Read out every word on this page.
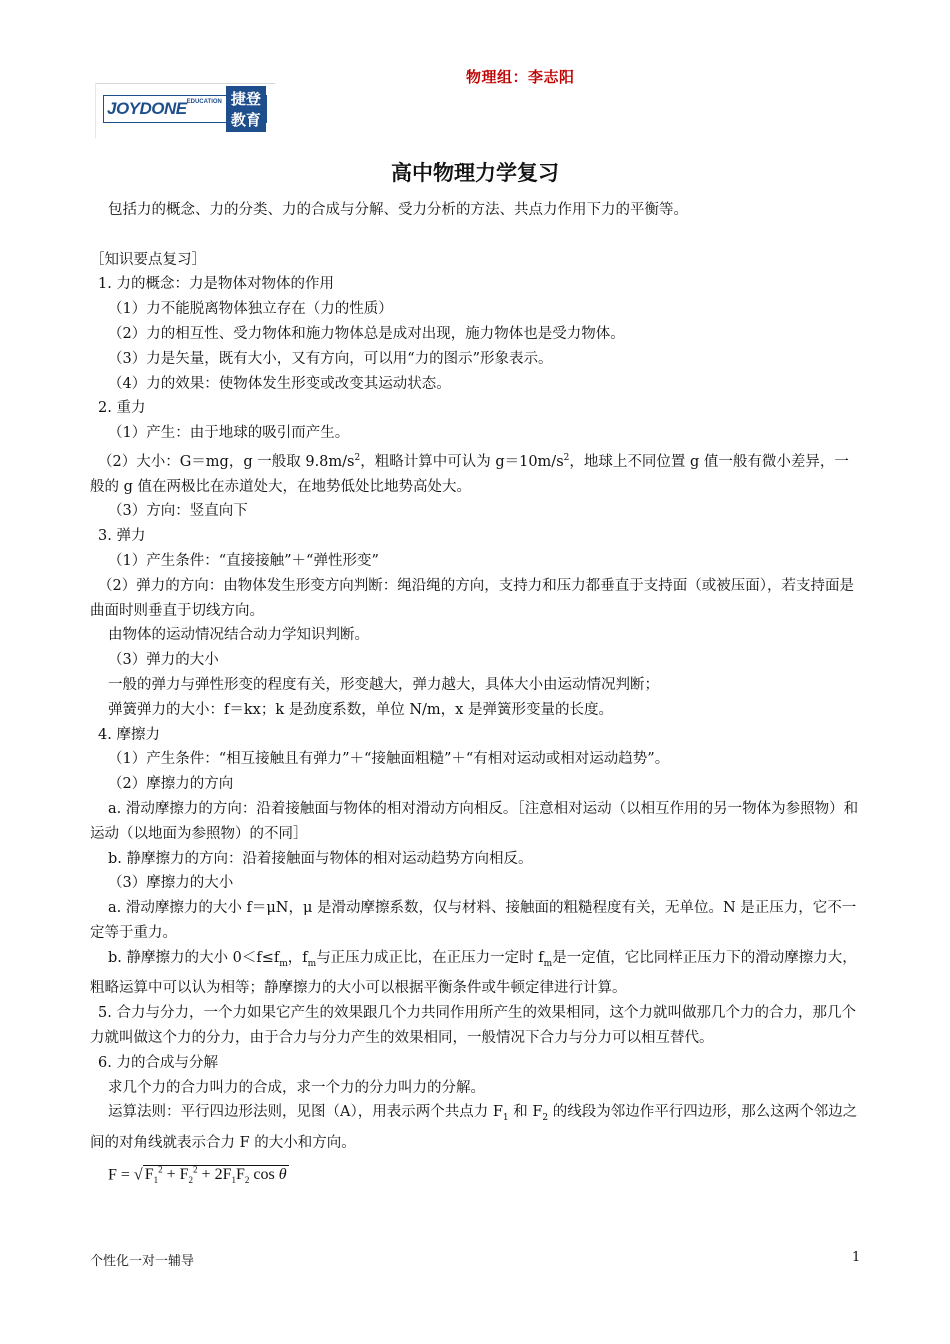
物理组：李志阳
$JOYDONE^{EDUCATION}$ 捷登教育
高中物理力学复习

包括力的概念、力的分类、力的合成与分解、受力分析的方法、共点力作用下力的平衡等。

［知识要点复习］

1. 力的概念：力是物体对物体的作用

（1）力不能脱离物体独立存在（力的性质）

（2）力的相互性、受力物体和施力物体总是成对出现，施力物体也是受力物体。

（3）力是矢量，既有大小，又有方向，可以用“力的图示”形象表示。

（4）力的效果：使物体发生形变或改变其运动状态。

2. 重力

（1）产生：由于地球的吸引而产生。

（2）大小：G＝mg，g 一般取 $9.8m/s^2$，粗略计算中可认为 $g=10m/s^2$，地球上不同位置 g 值一般有微小差异，一般的 g 值在两极比在赤道处大，在地势低处比地势高处大。

（3）方向：竖直向下

3. 弹力

（1）产生条件：“直接接触”＋“弹性形变”

（2）弹力的方向：由物体发生形变方向判断：绳沿绳的方向，支持力和压力都垂直于支持面（或被压面），若支持面是曲面时则垂直于切线方向。

由物体的运动情况结合动力学知识判断。

（3）弹力的大小

一般的弹力与弹性形变的程度有关，形变越大，弹力越大，具体大小由运动情况判断；

弹簧弹力的大小：f＝kx；k 是劲度系数，单位 N/m，x 是弹簧形变量的长度。

4. 摩擦力

（1）产生条件：“相互接触且有弹力”＋“接触面粗糙”＋“有相对运动或相对运动趋势”。

（2）摩擦力的方向

a. 滑动摩擦力的方向：沿着接触面与物体的相对滑动方向相反。［注意相对运动（以相互作用的另一物体为参照物）和运动（以地面为参照物）的不同］

b. 静摩擦力的方向：沿着接触面与物体的相对运动趋势方向相反。

（3）摩擦力的大小

a. 滑动摩擦力的大小 f＝μN，μ 是滑动摩擦系数，仅与材料、接触面的粗糙程度有关，无单位。N 是正压力，它不一定等于重力。

b. 静摩擦力的大小 $0<f\le f_m$，$f_m$与正压力成正比，在正压力一定时 $f_m$是一定值，它比同样正压力下的滑动摩擦力大，粗略运算中可以认为相等；静摩擦力的大小可以根据平衡条件或牛顿定律进行计算。

5. 合力与分力，一个力如果它产生的效果跟几个力共同作用所产生的效果相同，这个力就叫做那几个力的合力，那几个力就叫做这个力的分力，由于合力与分力产生的效果相同，一般情况下合力与分力可以相互替代。

6. 力的合成与分解

求几个力的合力叫力的合成，求一个力的分力叫力的分解。

运算法则：平行四边形法则，见图（A），用表示两个共点力 $F_1$ 和 $F_2$ 的线段为邻边作平行四边形，那么这两个邻边之间的对角线就表示合力 F 的大小和方向。

F = √ $F_1^2 + F_2^2 + 2F_1F_2$ cos θ
个性化一对一辅导	1
